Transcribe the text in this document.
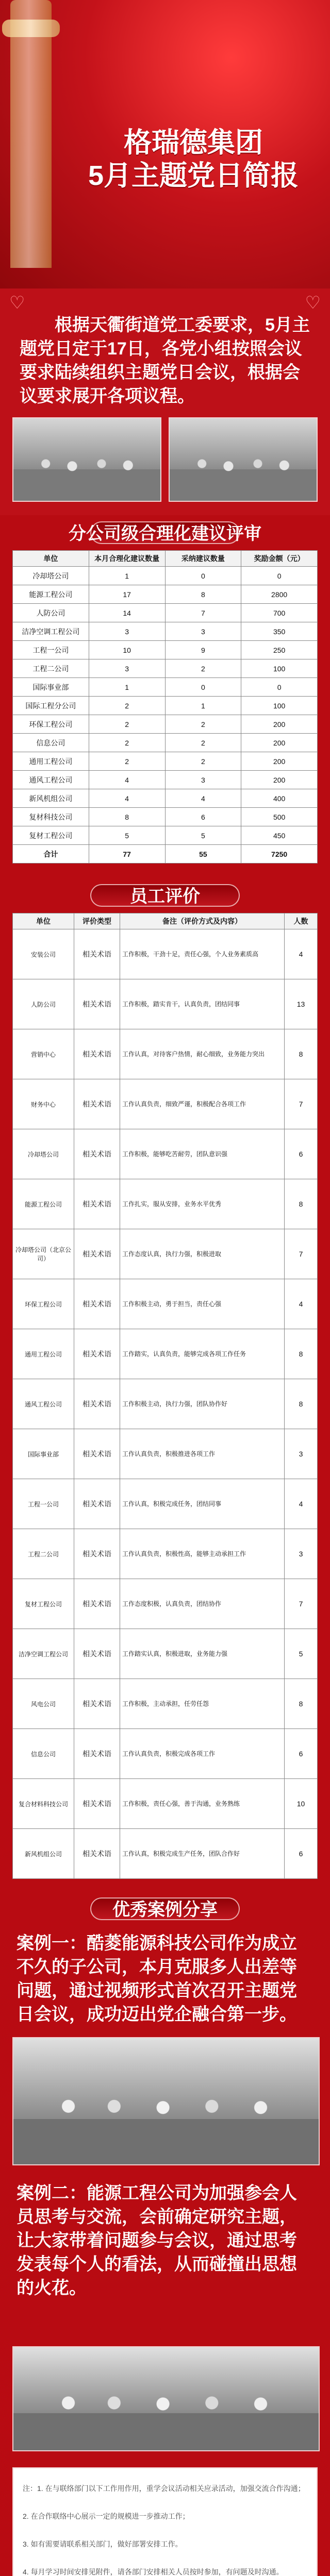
格瑞德集团
5月主题党日简报
♡	♡
根据天衢街道党工委要求，5月主题党日定于17日，各党小组按照会议要求陆续组织主题党日会议，根据会议要求展开各项议程。
分公司级合理化建议评审
单位	本月合理化建议数量	采纳建议数量	奖励金额（元）
冷却塔公司	1	0	0
能源工程公司	17	8	2800
人防公司	14	7	700
洁净空调工程公司	3	3	350
工程一公司	10	9	250
工程二公司	3	2	100
国际事业部	1	0	0
国际工程分公司	2	1	100
环保工程公司	2	2	200
信息公司	2	2	200
通用工程公司	2	2	200
通风工程公司	4	3	200
新风机组公司	4	4	400
复材科技公司	8	6	500
复材工程公司	5	5	450
合计	77	55	7250
员工评价
单位	评价类型	备注（评价方式及内容）	人数
安装公司	相关术语	工作积极，干劲十足，责任心强，个人业务素质高	4
人防公司	相关术语	工作积极，踏实肯干，认真负责，团结同事	13
营销中心	相关术语	工作认真，对待客户热情，耐心细致，业务能力突出	8
财务中心	相关术语	工作认真负责，细致严谨，积极配合各项工作	7
冷却塔公司	相关术语	工作积极，能够吃苦耐劳，团队意识强	6
能源工程公司	相关术语	工作扎实，服从安排，业务水平优秀	8
冷却塔公司（北京公司）	相关术语	工作态度认真，执行力强，积极进取	7
环保工程公司	相关术语	工作积极主动，勇于担当，责任心强	4
通用工程公司	相关术语	工作踏实，认真负责，能够完成各项工作任务	8
通风工程公司	相关术语	工作积极主动，执行力强，团队协作好	8
国际事业部	相关术语	工作认真负责，积极推进各项工作	3
工程一公司	相关术语	工作认真，积极完成任务，团结同事	4
工程二公司	相关术语	工作认真负责，积极性高，能够主动承担工作	3
复材工程公司	相关术语	工作态度积极，认真负责，团结协作	7
洁净空调工程公司	相关术语	工作踏实认真，积极进取，业务能力强	5
风电公司	相关术语	工作积极，主动承担，任劳任怨	8
信息公司	相关术语	工作认真负责，积极完成各项工作	6
复合材料科技公司	相关术语	工作积极，责任心强，善于沟通，业务熟练	10
新风机组公司	相关术语	工作认真，积极完成生产任务，团队合作好	6
优秀案例分享
案例一：酷菱能源科技公司作为成立不久的子公司，本月克服多人出差等问题，通过视频形式首次召开主题党日会议，成功迈出党企融合第一步。
案例二：能源工程公司为加强参会人员思考与交流，会前确定研究主题，让大家带着问题参与会议，通过思考发表每个人的看法，从而碰撞出思想的火花。

注：1. 在与联络部门以下工作用作用，重学会议活动相关应录活动，加强交流合作沟通；

2. 在合作联络中心展示一定的规模进一步推动工作；

3. 如有需要请联系相关部门，做好部署安排工作。

4. 每月学习时间安排见附件，请各部门安排相关人员按时参加，有问题及时沟通。
